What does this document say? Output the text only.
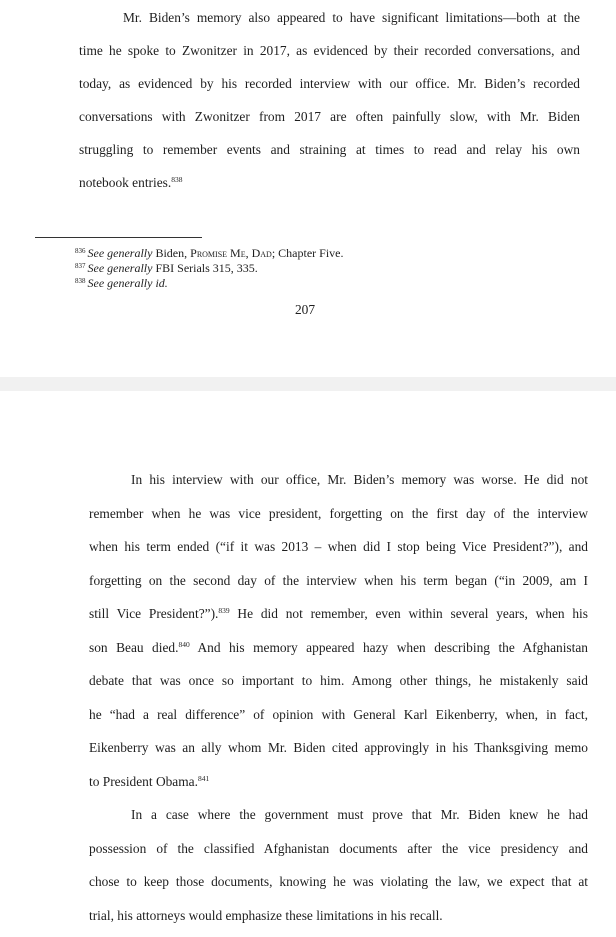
Mr. Biden’s memory also appeared to have significant limitations—both at the
time he spoke to Zwonitzer in 2017, as evidenced by their recorded conversations, and
today, as evidenced by his recorded interview with our office. Mr. Biden’s recorded
conversations with Zwonitzer from 2017 are often painfully slow, with Mr. Biden
struggling to remember events and straining at times to read and relay his own
notebook entries.$^{838}$
$^{836}$ See generally Biden, Promise Me, Dad; Chapter Five.
$^{837}$ See generally FBI Serials 315, 335.
$^{838}$ See generally id.
207
In his interview with our office, Mr. Biden’s memory was worse. He did not
remember when he was vice president, forgetting on the first day of the interview
when his term ended (“if it was 2013 – when did I stop being Vice President?”), and
forgetting on the second day of the interview when his term began (“in 2009, am I
still Vice President?”).$^{839}$ He did not remember, even within several years, when his
son Beau died.$^{840}$ And his memory appeared hazy when describing the Afghanistan
debate that was once so important to him. Among other things, he mistakenly said
he “had a real difference” of opinion with General Karl Eikenberry, when, in fact,
Eikenberry was an ally whom Mr. Biden cited approvingly in his Thanksgiving memo
to President Obama.$^{841}$
In a case where the government must prove that Mr. Biden knew he had
possession of the classified Afghanistan documents after the vice presidency and
chose to keep those documents, knowing he was violating the law, we expect that at
trial, his attorneys would emphasize these limitations in his recall.
